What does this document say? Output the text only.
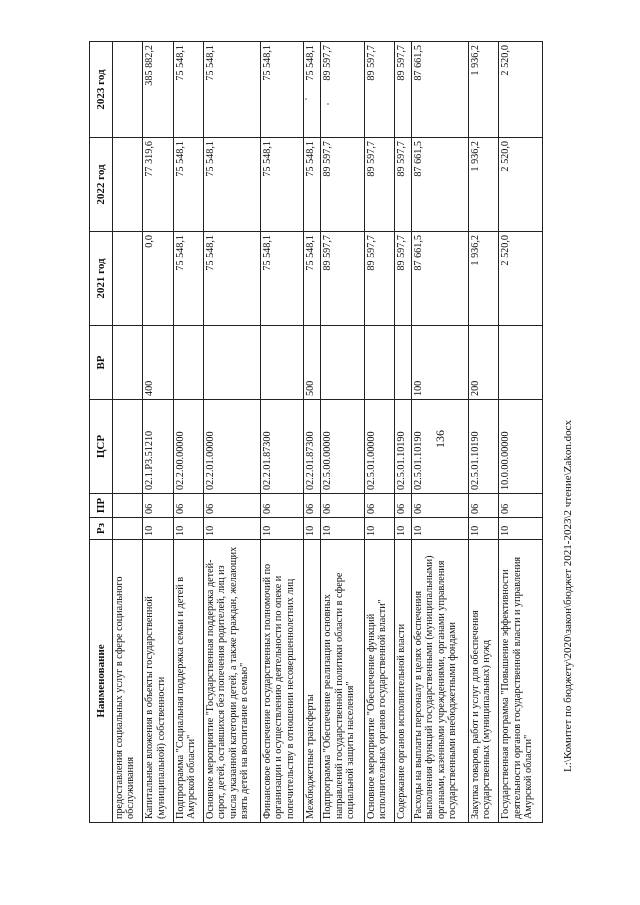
136
Наименование	Рз	ПР	ЦСР	ВР	2021 год	2022 год	2023 год
предоставления социальных услуг в сфере социального обслуживания							
Капитальные вложения в объекты государственной (муниципальной) собственности	10	06	02.1.P3.51210	400	0,0	77 319,6	385 882,2
Подпрограмма "Социальная поддержка семьи и детей в Амурской области"	10	06	02.2.00.00000		75 548,1	75 548,1	75 548,1
Основное мероприятие "Государственная поддержка детей-сирот, детей, оставшихся без попечения родителей, лиц из числа указанной категории детей, а также граждан, желающих взять детей на воспитание в семью"	10	06	02.2.01.00000		75 548,1	75 548,1	75 548,1
Финансовое обеспечение государственных полномочий по организации и осуществлению деятельности по опеке и попечительству в отношении несовершеннолетних лиц	10	06	02.2.01.87300		75 548,1	75 548,1	75 548,1
Межбюджетные трансферты	10	06	02.2.01.87300	500	75 548,1	75 548,1	75 548,1
Подпрограмма "Обеспечение реализации основных направлений государственной политики области в сфере социальной защиты населения"	10	06	02.5.00.00000		89 597,7	89 597,7	89 597,7
Основное мероприятие "Обеспечение функций исполнительных органов государственной власти"	10	06	02.5.01.00000		89 597,7	89 597,7	89 597,7
Содержание органов исполнительной власти	10	06	02.5.01.10190		89 597,7	89 597,7	89 597,7
Расходы на выплаты персоналу в целях обеспечения выполнения функций государственными (муниципальными) органами, казенными учреждениями, органами управления государственными внебюджетными фондами	10	06	02.5.01.10190	100	87 661,5	87 661,5	87 661,5
Закупка товаров, работ и услуг для обеспечения государственных (муниципальных) нужд	10	06	02.5.01.10190	200	1 936,2	1 936,2	1 936,2
Государственная программа "Повышение эффективности деятельности органов государственной власти и управления Амурской области"	10	06	10.0.00.00000		2 520,0	2 520,0	2 520,0
L:\Комитет по бюджету\2020\закон\бюджет 2021-2023\2 чтение\Zakon.docx
